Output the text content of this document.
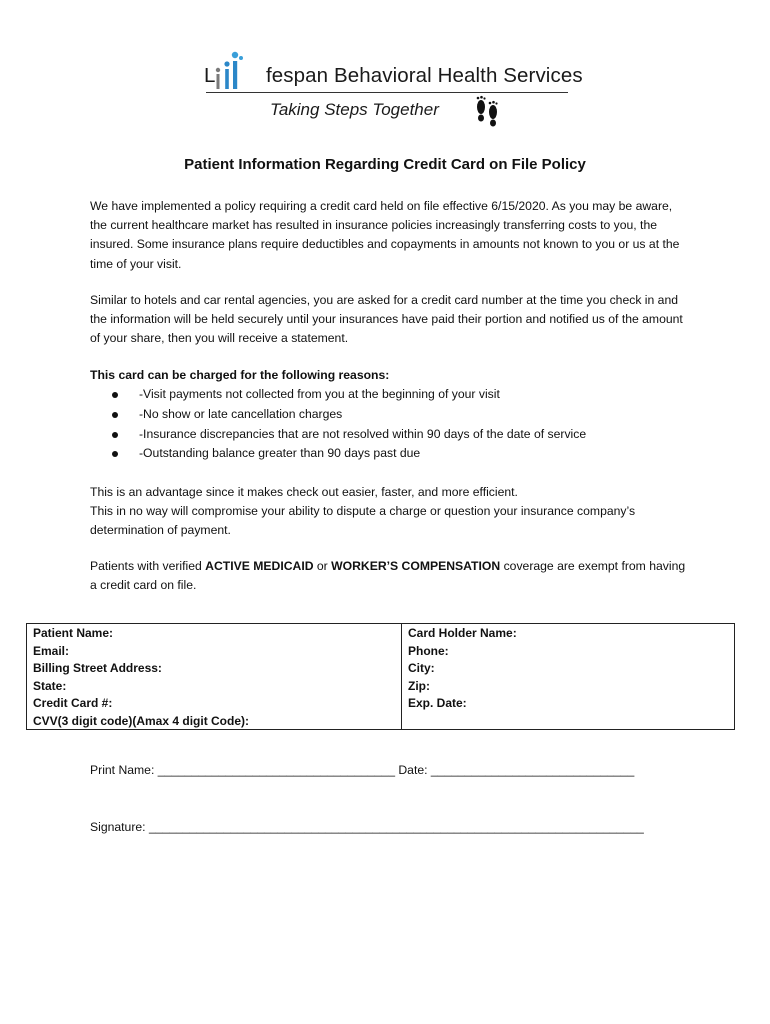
L fespan Behavioral Health Services
Taking Steps Together
Patient Information Regarding Credit Card on File Policy
We have implemented a policy requiring a credit card held on file effective 6/15/2020. As you may be aware, the current healthcare market has resulted in insurance policies increasingly transferring costs to you, the insured. Some insurance plans require deductibles and copayments in amounts not known to you or us at the time of your visit.
Similar to hotels and car rental agencies, you are asked for a credit card number at the time you check in and the information will be held securely until your insurances have paid their portion and notified us of the amount of your share, then you will receive a statement.
This card can be charged for the following reasons:
-Visit payments not collected from you at the beginning of your visit
-No show or late cancellation charges
-Insurance discrepancies that are not resolved within 90 days of the date of service
-Outstanding balance greater than 90 days past due
This is an advantage since it makes check out easier, faster, and more efficient.
This in no way will compromise your ability to dispute a charge or question your insurance company’s determination of payment.
Patients with verified ACTIVE MEDICAID or WORKER’S COMPENSATION coverage are exempt from having a credit card on file.
Patient Name:	Card Holder Name:
Email:	Phone:
Billing Street Address:	City:
State:	Zip:
Credit Card #:	Exp. Date:
CVV(3 digit code)(Amax 4 digit Code):	
Print Name: ___________________________________ Date: ______________________________
Signature: _________________________________________________________________________
